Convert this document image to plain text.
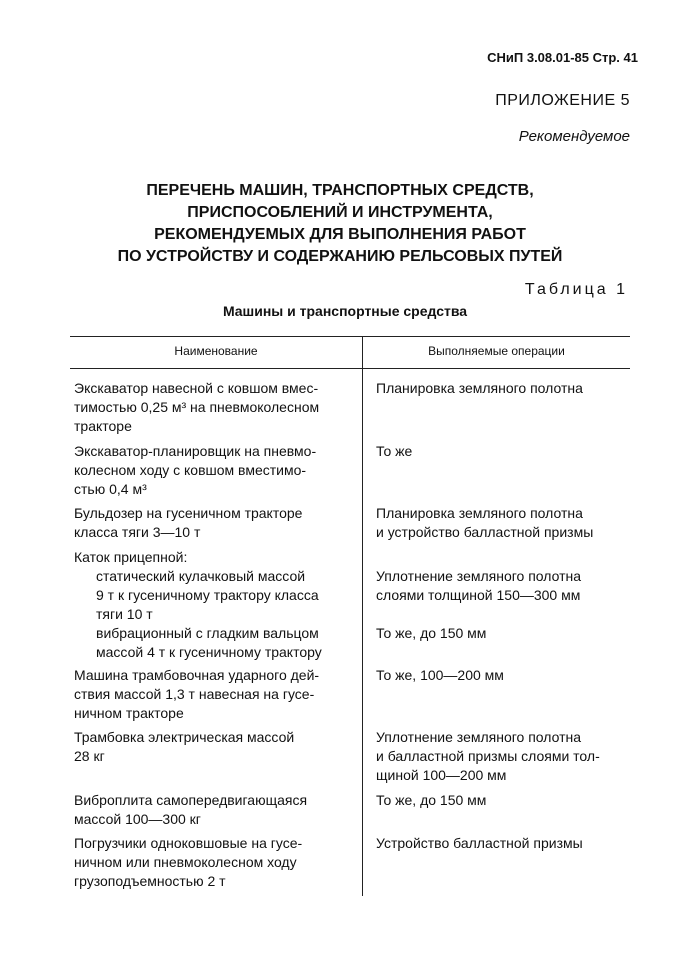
СНиП 3.08.01-85 Стр. 41
ПРИЛОЖЕНИЕ 5
Рекомендуемое
ПЕРЕЧЕНЬ МАШИН, ТРАНСПОРТНЫХ СРЕДСТВ,
ПРИСПОСОБЛЕНИЙ И ИНСТРУМЕНТА,
РЕКОМЕНДУЕМЫХ ДЛЯ ВЫПОЛНЕНИЯ РАБОТ
ПО УСТРОЙСТВУ И СОДЕРЖАНИЮ РЕЛЬСОВЫХ ПУТЕЙ
Таблица 1
Машины и транспортные средства
Наименование	Выполняемые операции
Экскаватор навесной с ковшом вмес-
тимостью 0,25 м³ на пневмоколесном
тракторе
Планировка земляного полотна
Экскаватор-планировщик на пневмо-
колесном ходу с ковшом вместимо-
стью 0,4 м³
То же
Бульдозер на гусеничном тракторе
класса тяги 3—10 т
Планировка земляного полотна
и устройство балластной призмы
Каток прицепной:
статический кулачковый массой
9 т к гусеничному трактору класса
тяги 10 т
Уплотнение земляного полотна
слоями толщиной 150—300 мм
вибрационный с гладким вальцом
массой 4 т к гусеничному трактору
То же, до 150 мм
Машина трамбовочная ударного дей-
ствия массой 1,3 т навесная на гусе-
ничном тракторе
То же, 100—200 мм
Трамбовка электрическая массой
28 кг
Уплотнение земляного полотна
и балластной призмы слоями тол-
щиной 100—200 мм
Виброплита самопередвигающаяся
массой 100—300 кг
То же, до 150 мм
Погрузчики одноковшовые на гусе-
ничном или пневмоколесном ходу
грузоподъемностью 2 т
Устройство балластной призмы
